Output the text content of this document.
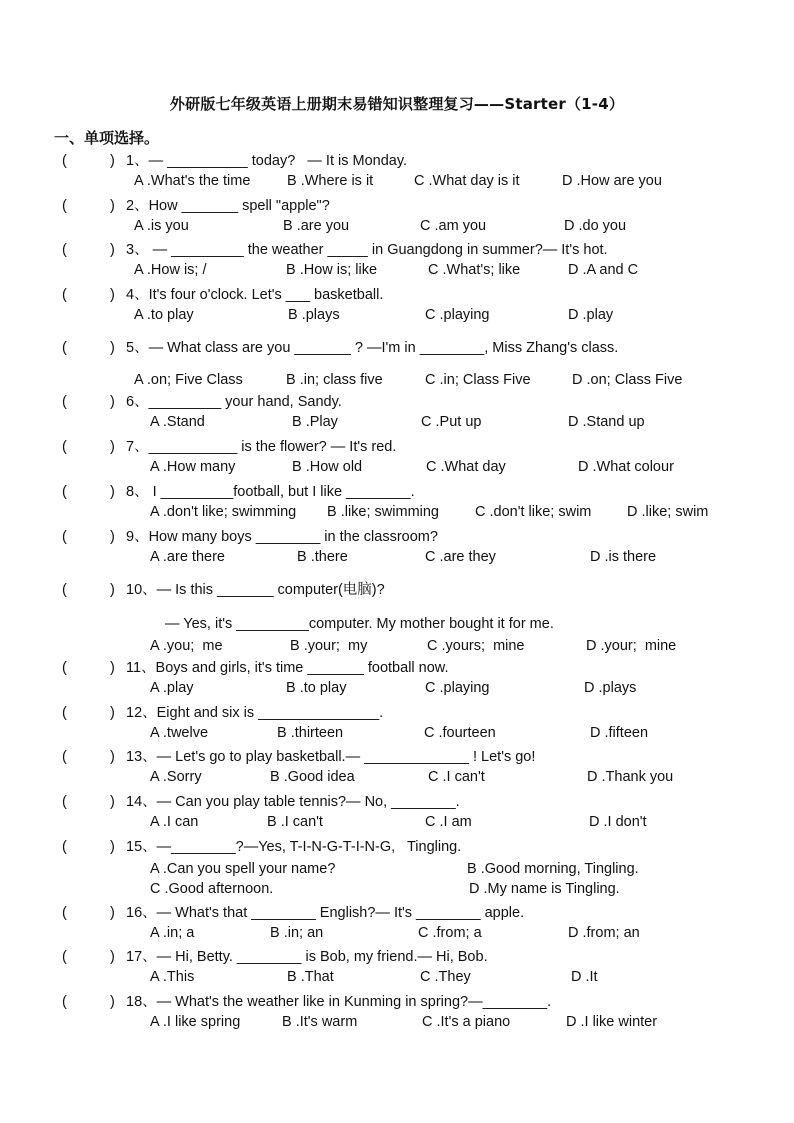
外研版七年级英语上册期末易错知识整理复习——Starter（1-4）
一、单项选择。
(	) 1、— __________ today?   — It is Monday.
A .What's the time	B .Where is it	C .What day is it	D .How are you
(	) 2、How _______ spell "apple"?
A .is you	B .are you	C .am you	D .do you
(	) 3、 — _________ the weather _____ in Guangdong in summer?— It's hot.
A .How is; /	B .How is; like	C .What's; like	D .A and C
(	) 4、It's four o'clock. Let's ___ basketball.
A .to play	B .plays	C .playing	D .play
(	) 5、— What class are you _______ ? —I'm in ________, Miss Zhang's class.
A .on; Five Class	B .in; class five	C .in; Class Five	D .on; Class Five
(	) 6、_________ your hand, Sandy.
A .Stand	B .Play	C .Put up	D .Stand up
(	) 7、___________ is the flower? — It's red.
A .How many	B .How old	C .What day	D .What colour
(	) 8、 I _________football, but I like ________.
A .don't like; swimming B .like; swimming C .don't like; swim D .like; swim
(	) 9、How many boys ________ in the classroom?
A .are there	B .there	C .are they	D .is there
(	) 10、— Is this _______ computer(电脑)?
— Yes, it's _________computer. My mother bought it for me.
A .you;  me	B .your;  my	C .yours;  mine	D .your;  mine
(	) 11、Boys and girls, it's time _______ football now.
A .play	B .to play	C .playing	D .plays
(	) 12、Eight and six is _______________.
A .twelve	B .thirteen	C .fourteen	D .fifteen
(	) 13、— Let's go to play basketball.— _____________ ! Let's go!
A .Sorry	B .Good idea	C .I can't	D .Thank you
(	) 14、— Can you play table tennis?— No, ________.
A .I can	B .I can't	C .I am	D .I don't
(	) 15、—________?—Yes, T-I-N-G-T-I-N-G,   Tingling.
A .Can you spell your name?	B .Good morning, Tingling.
C .Good afternoon.	D .My name is Tingling.
(	) 16、— What's that ________ English?— It's ________ apple.
A .in; a	B .in; an	C .from; a	D .from; an
(	) 17、— Hi, Betty. ________ is Bob, my friend.— Hi, Bob.
A .This	B .That	C .They	D .It
(	) 18、— What's the weather like in Kunming in spring?—________.
A .I like spring	B .It's warm	C .It's a piano	D .I like winter
